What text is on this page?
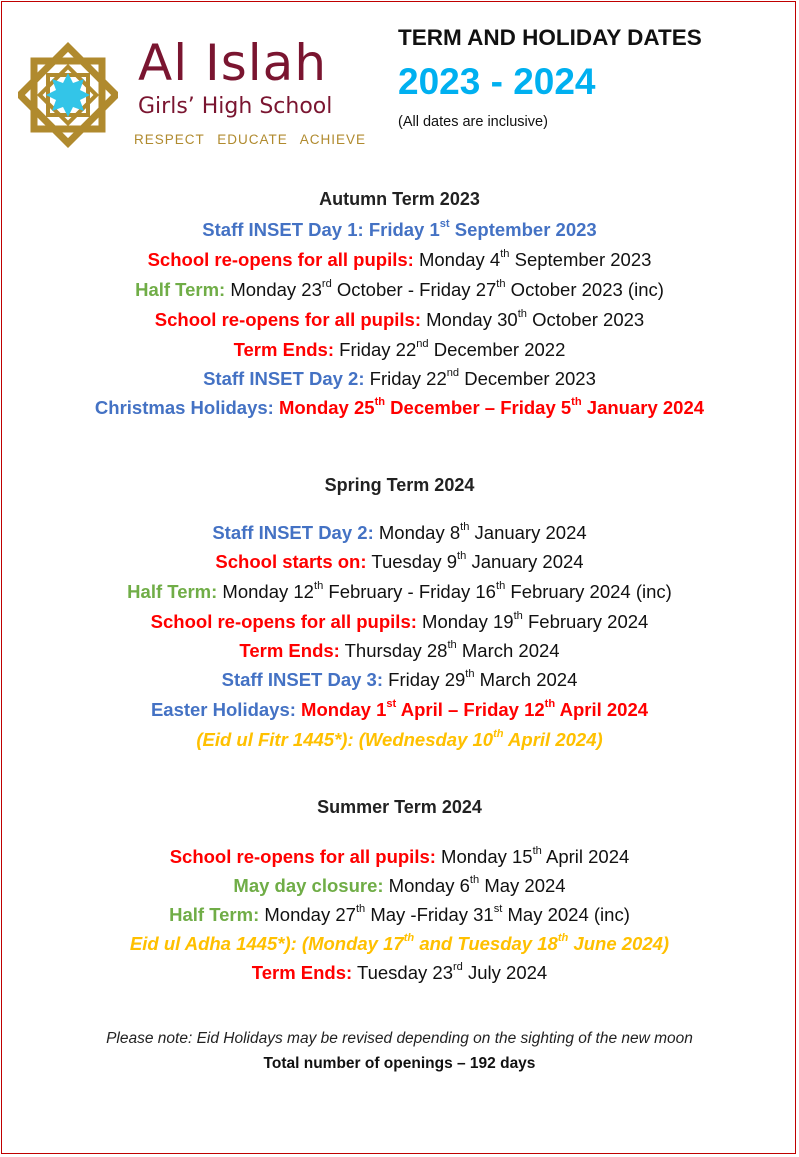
Al Islah
Girls’ High School
RESPECT EDUCATE ACHIEVE
TERM AND HOLIDAY DATES
2023 - 2024
(All dates are inclusive)
Autumn Term 2023
Staff INSET Day 1: Friday 1st September 2023
School re-opens for all pupils: Monday 4th September 2023
Half Term: Monday 23rd October - Friday 27th October 2023 (inc)
School re-opens for all pupils: Monday 30th October 2023
Term Ends: Friday 22nd December 2022
Staff INSET Day 2: Friday 22nd December 2023
Christmas Holidays: Monday 25th December – Friday 5th January 2024
Spring Term 2024
Staff INSET Day 2: Monday 8th January 2024
School starts on: Tuesday 9th January 2024
Half Term: Monday 12th February - Friday 16th February 2024 (inc)
School re-opens for all pupils: Monday 19th February 2024
Term Ends: Thursday 28th March 2024
Staff INSET Day 3: Friday 29th March 2024
Easter Holidays: Monday 1st April – Friday 12th April 2024
(Eid ul Fitr 1445*): (Wednesday 10th April 2024)
Summer Term 2024
School re-opens for all pupils: Monday 15th April 2024
May day closure: Monday 6th May 2024
Half Term: Monday 27th May -Friday 31st May 2024 (inc)
Eid ul Adha 1445*): (Monday 17th and Tuesday 18th June 2024)
Term Ends: Tuesday 23rd July 2024
Please note: Eid Holidays may be revised depending on the sighting of the new moon
Total number of openings – 192 days
